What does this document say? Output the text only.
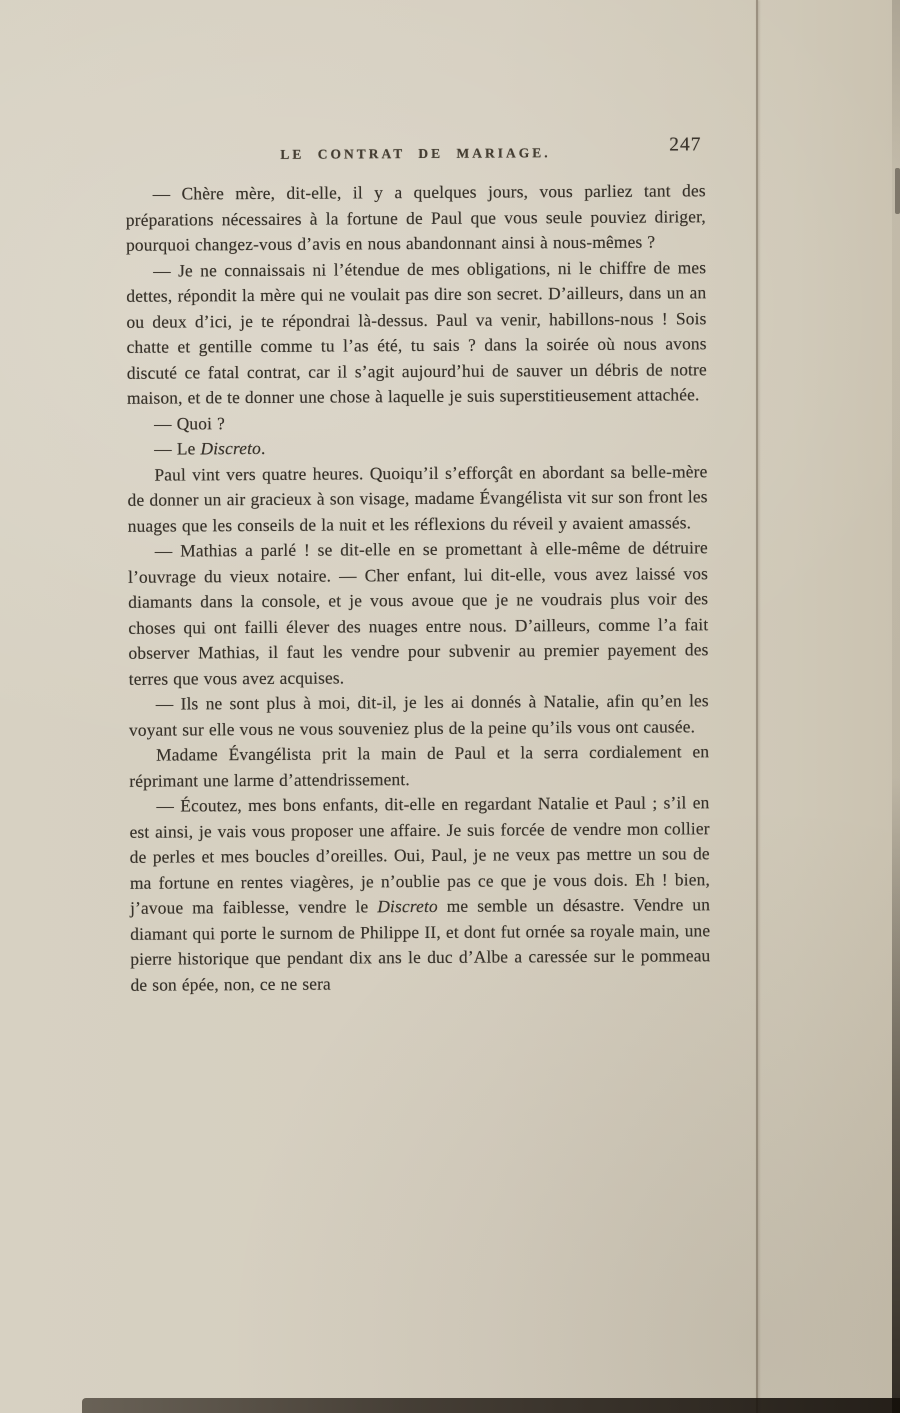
LE CONTRAT DE MARIAGE.	247

— Chère mère, dit-elle, il y a quelques jours, vous parliez tant des préparations nécessaires à la fortune de Paul que vous seule pouviez diriger, pourquoi changez-vous d’avis en nous abandonnant ainsi à nous-mêmes ?

— Je ne connaissais ni l’étendue de mes obligations, ni le chiffre de mes dettes, répondit la mère qui ne voulait pas dire son secret. D’ailleurs, dans un an ou deux d’ici, je te répondrai là-dessus. Paul va venir, habillons-nous ! Sois chatte et gentille comme tu l’as été, tu sais ? dans la soirée où nous avons discuté ce fatal contrat, car il s’agit aujourd’hui de sauver un débris de notre maison, et de te donner une chose à laquelle je suis superstitieusement attachée.

— Quoi ?

— Le Discreto.

Paul vint vers quatre heures. Quoiqu’il s’efforçât en abordant sa belle-mère de donner un air gracieux à son visage, madame Évangélista vit sur son front les nuages que les conseils de la nuit et les réflexions du réveil y avaient amassés.

— Mathias a parlé ! se dit-elle en se promettant à elle-même de détruire l’ouvrage du vieux notaire. — Cher enfant, lui dit-elle, vous avez laissé vos diamants dans la console, et je vous avoue que je ne voudrais plus voir des choses qui ont failli élever des nuages entre nous. D’ailleurs, comme l’a fait observer Mathias, il faut les vendre pour subvenir au premier payement des terres que vous avez acquises.

— Ils ne sont plus à moi, dit-il, je les ai donnés à Natalie, afin qu’en les voyant sur elle vous ne vous souveniez plus de la peine qu’ils vous ont causée.

Madame Évangélista prit la main de Paul et la serra cordialement en réprimant une larme d’attendrissement.

— Écoutez, mes bons enfants, dit-elle en regardant Natalie et Paul ; s’il en est ainsi, je vais vous proposer une affaire. Je suis forcée de vendre mon collier de perles et mes boucles d’oreilles. Oui, Paul, je ne veux pas mettre un sou de ma fortune en rentes viagères, je n’oublie pas ce que je vous dois. Eh ! bien, j’avoue ma faiblesse, vendre le Discreto me semble un désastre. Vendre un diamant qui porte le surnom de Philippe II, et dont fut ornée sa royale main, une pierre historique que pendant dix ans le duc d’Albe a caressée sur le pommeau de son épée, non, ce ne sera
